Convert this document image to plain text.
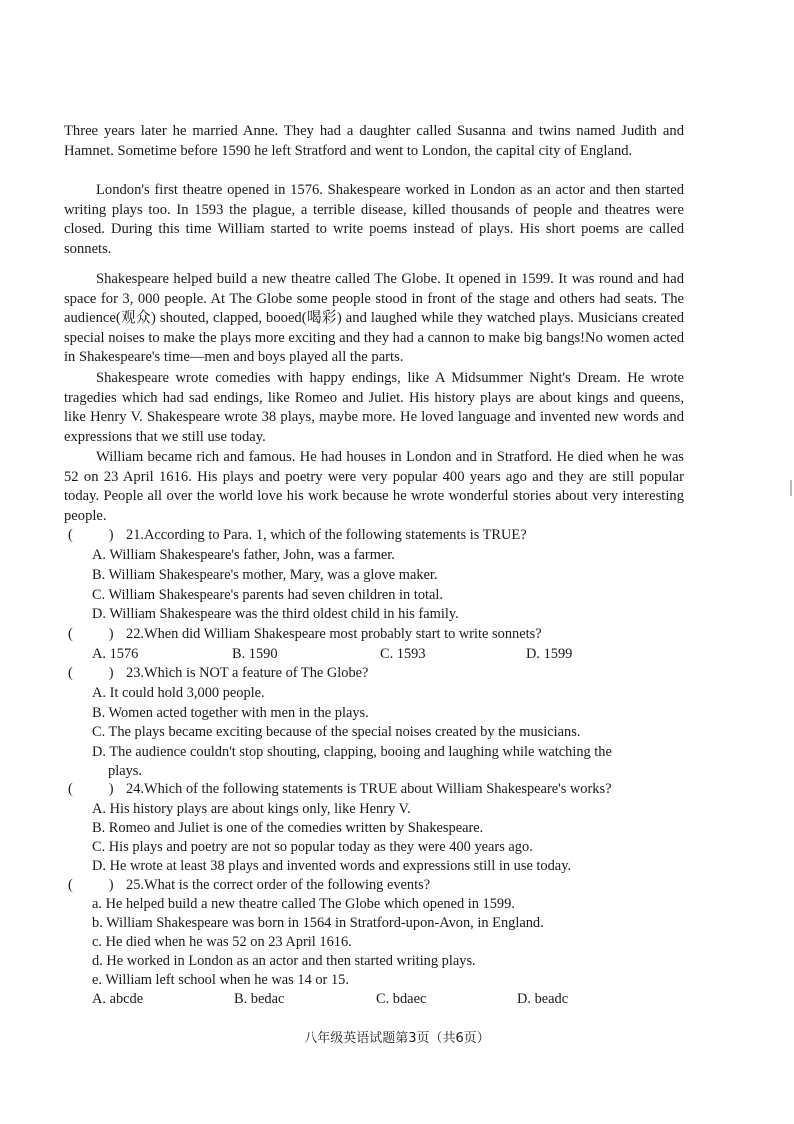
Three years later he married Anne. They had a daughter called Susanna and twins named Judith and Hamnet. Sometime before 1590 he left Stratford and went to London, the capital city of England.

London's first theatre opened in 1576. Shakespeare worked in London as an actor and then started writing plays too. In 1593 the plague, a terrible disease, killed thousands of people and theatres were closed. During this time William started to write poems instead of plays. His short poems are called sonnets.

Shakespeare helped build a new theatre called The Globe. It opened in 1599. It was round and had space for 3, 000 people. At The Globe some people stood in front of the stage and others had seats. The audience(观众) shouted, clapped, booed(喝彩) and laughed while they watched plays. Musicians created special noises to make the plays more exciting and they had a cannon to make big bangs!No women acted in Shakespeare's time—men and boys played all the parts.

Shakespeare wrote comedies with happy endings, like A Midsummer Night's Dream. He wrote tragedies which had sad endings, like Romeo and Juliet. His history plays are about kings and queens, like Henry V. Shakespeare wrote 38 plays, maybe more. He loved language and invented new words and expressions that we still use today.

William became rich and famous. He had houses in London and in Stratford. He died when he was 52 on 23 April 1616. His plays and poetry were very popular 400 years ago and they are still popular today. People all over the world love his work because he wrote wonderful stories about very interesting people.

(	) 21.According to Para. 1, which of the following statements is TRUE?
A. William Shakespeare's father, John, was a farmer.
B. William Shakespeare's mother, Mary, was a glove maker.
C. William Shakespeare's parents had seven children in total.
D. William Shakespeare was the third oldest child in his family.
(	) 22.When did William Shakespeare most probably start to write sonnets?
A. 1576	B. 1590	C. 1593	D. 1599
(	) 23.Which is NOT a feature of The Globe?
A. It could hold 3,000 people.
B. Women acted together with men in the plays.
C. The plays became exciting because of the special noises created by the musicians.
D. The audience couldn't stop shouting, clapping, booing and laughing while watching the
plays.
(	) 24.Which of the following statements is TRUE about William Shakespeare's works?
A. His history plays are about kings only, like Henry V.
B. Romeo and Juliet is one of the comedies written by Shakespeare.
C. His plays and poetry are not so popular today as they were 400 years ago.
D. He wrote at least 38 plays and invented words and expressions still in use today.
(	) 25.What is the correct order of the following events?
a. He helped build a new theatre called The Globe which opened in 1599.
b. William Shakespeare was born in 1564 in Stratford-upon-Avon, in England.
c. He died when he was 52 on 23 April 1616.
d. He worked in London as an actor and then started writing plays.
e. William left school when he was 14 or 15.
A. abcde	B. bedac	C. bdaec	D. beadc
八年级英语试题第3页（共6页）
